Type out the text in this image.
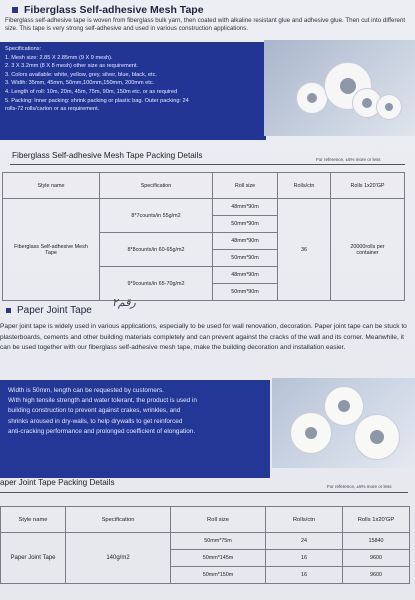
Fiberglass Self-adhesive Mesh Tape
Fiberglass self-adhesive tape is woven from fiberglass bulk yarn, then coated with alkaline resistant glue and adhesive glue. Then cut into different size. This tape is very strong self-adhesive and used in various construction applications.
Specifications:
1. Mesh size: 2.85 X 2.85mm (9 X 9 mesh).
2. 3 X 3.2mm (8 X 8 mesh) other size as requirement.
3. Colors available: white, yellow, grey, silver, blue, black, etc.
3. Width: 35mm, 45mm, 50mm,100mm,150mm, 200mm etc.
4. Length of roll: 10m, 20m, 45m, 75m, 90m, 150m etc. or as required
5. Packing: Inner packing: shrink packing or plastic bag. Outer packing: 24
rolls-72 rolls/carton or as requirement.
Fiberglass Self-adhesive Mesh Tape Packing Details	For reference, ±5% more or less
Style name	Specification	Roll size	Rolls/ctn	Rolls 1x20'GP
Fiberglass Self-adhesive Mesh Tape	8*7counts/in 55g/m2	48mm*90m	36	20000rolls per container
		50mm*90m		
	8*8counts/in 60-65g/m2	48mm*90m		
		50mm*90m		
	9*9counts/in 65-70g/m2	48mm*90m		
		50mm*90m		
Paper Joint Tape
رقم٢
Paper joint tape is widely used in various applications, especially to be used for wall renovation, decoration. Paper joint tape can be stuck to plasterboards, cements and other building materials completely and can prevent against the cracks of the wall and its corner. Meanwhile, it can be used together with our fiberglass self-adhesive mesh tape, make the building decoration and installation easier.
Width is 50mm, length can be requested by customers.
With high tensile strength and water tolerant, the product is used in
building construction to prevent against crakes, wrinkles, and
shrinks aroused in dry-walls, to help drywalls to get reinforced
anti-cracking performance and prolonged coefficient of elongation.
aper Joint Tape Packing Details	For reference, ±5% more or less
Style name	Specification	Roll size	Rolls/ctn	Rolls 1x20'GP
Paper Joint Tape	140g/m2	50mm*75m	24	15840
		50mm*145m	16	9600
		50mm*150m	16	9600
